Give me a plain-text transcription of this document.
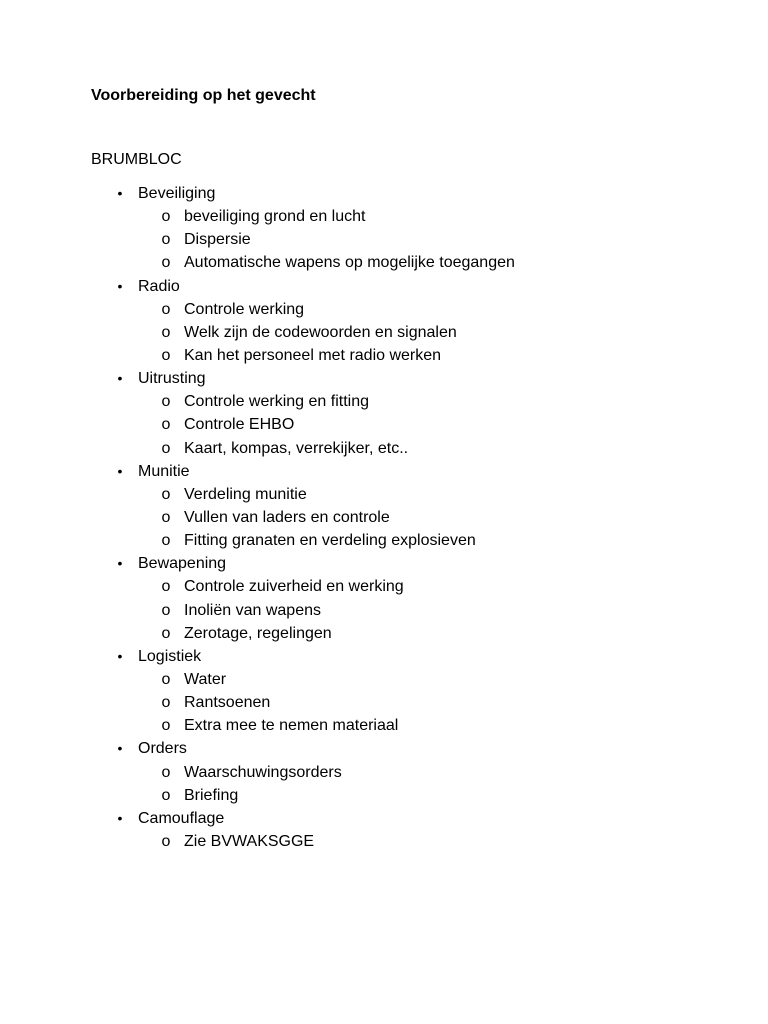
Voorbereiding op het gevecht
BRUMBLOC
• Beveiliging
o beveiliging grond en lucht
o Dispersie
o Automatische wapens op mogelijke toegangen
• Radio
o Controle werking
o Welk zijn de codewoorden en signalen
o Kan het personeel met radio werken
• Uitrusting
o Controle werking en fitting
o Controle EHBO
o Kaart, kompas, verrekijker, etc..
• Munitie
o Verdeling munitie
o Vullen van laders en controle
o Fitting granaten en verdeling explosieven
• Bewapening
o Controle zuiverheid en werking
o Inoliën van wapens
o Zerotage, regelingen
• Logistiek
o Water
o Rantsoenen
o Extra mee te nemen materiaal
• Orders
o Waarschuwingsorders
o Briefing
• Camouflage
o Zie BVWAKSGGE
